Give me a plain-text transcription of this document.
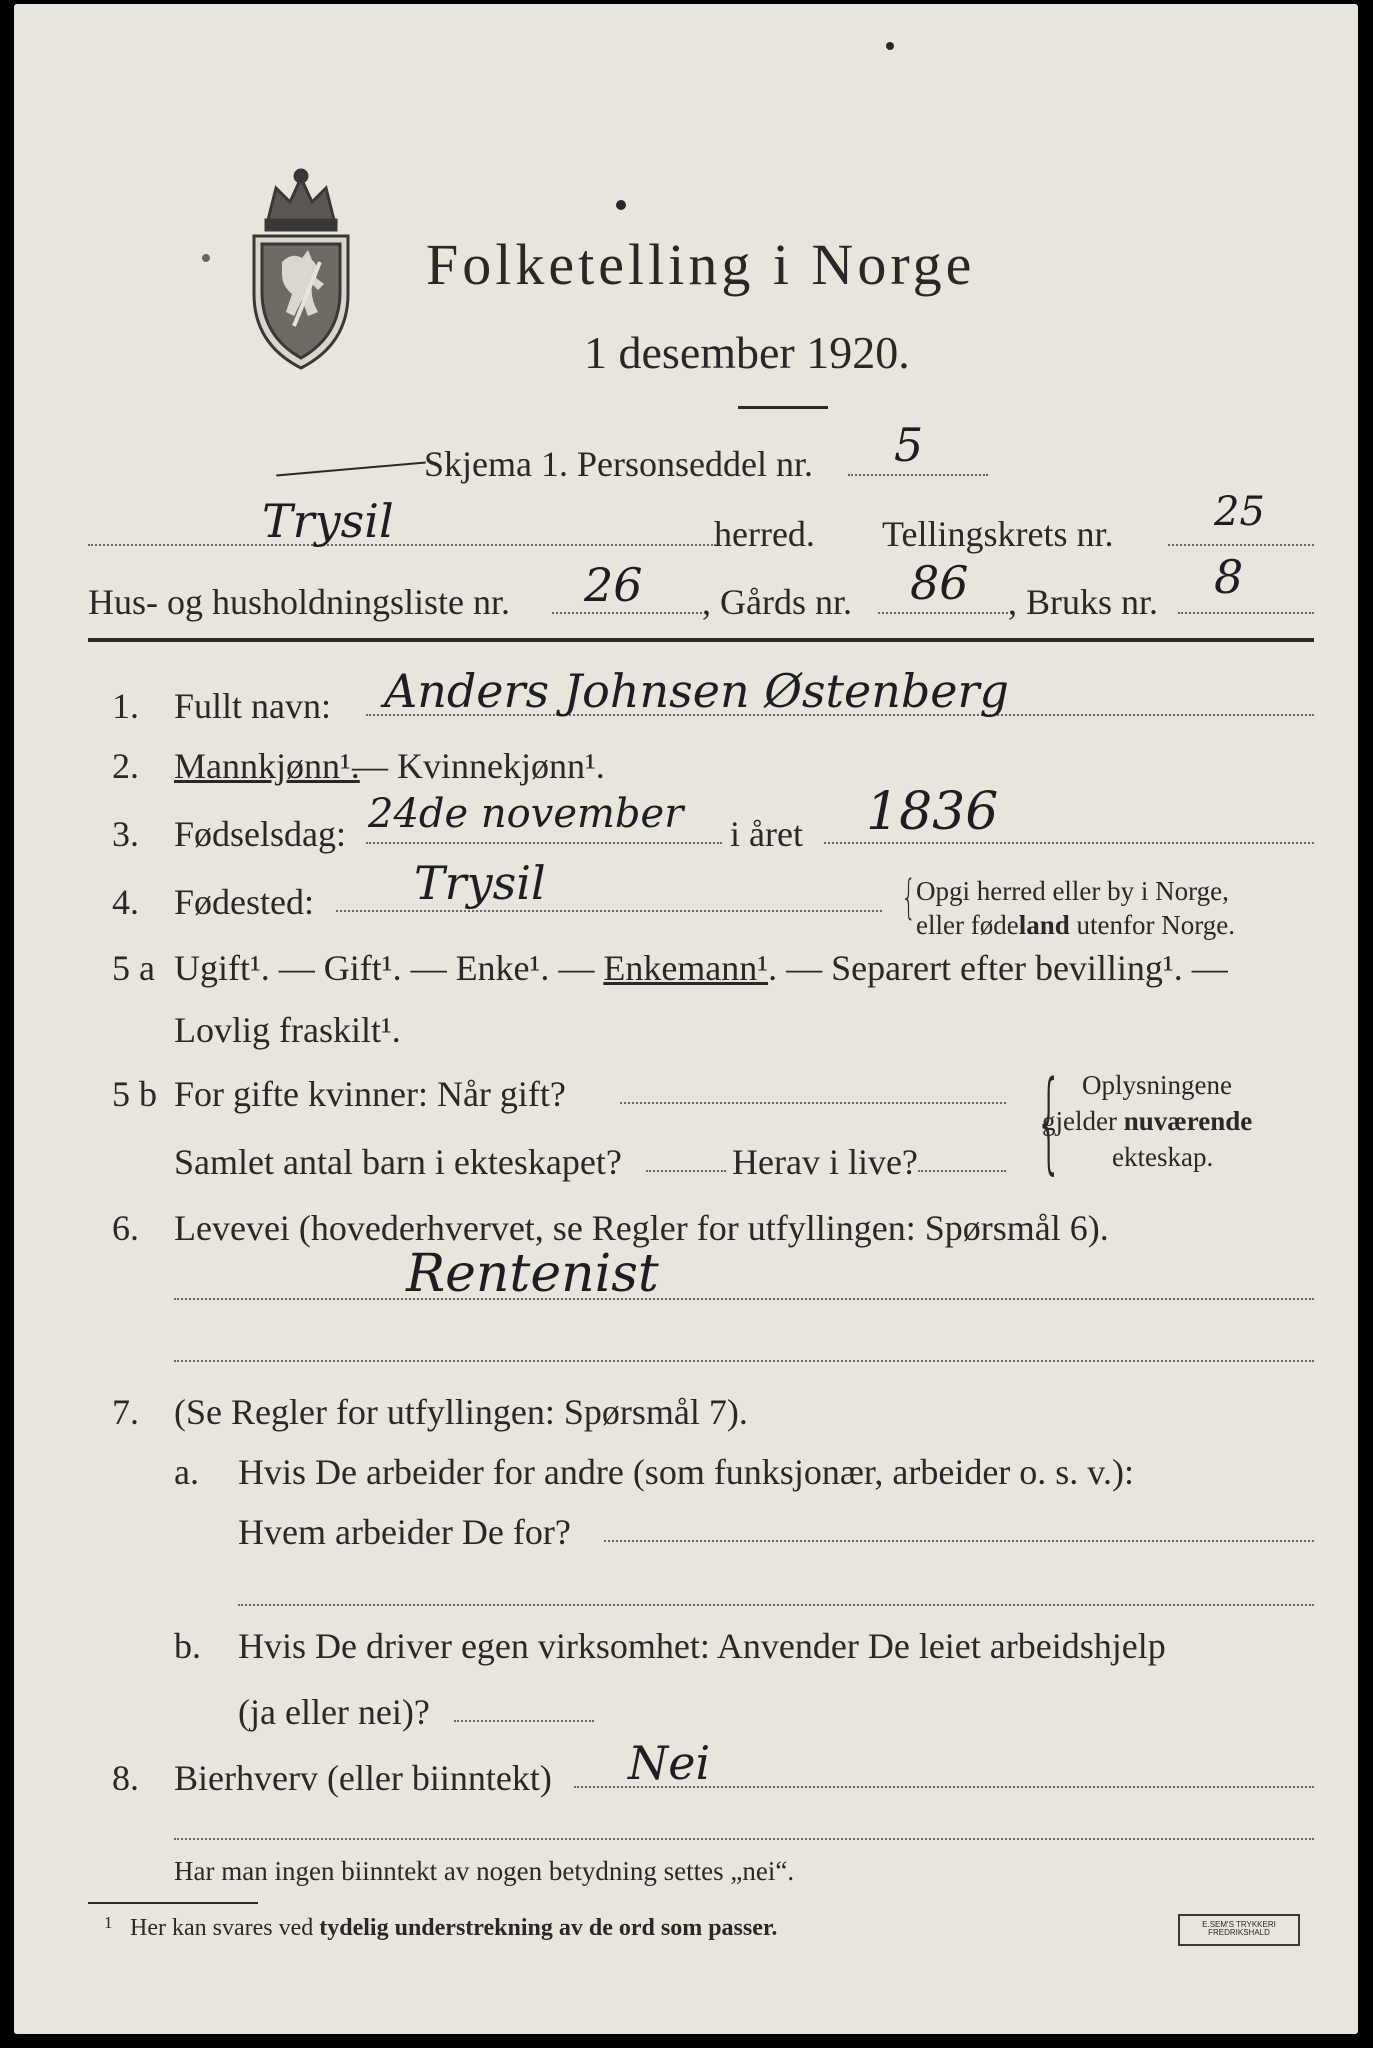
Folketelling i Norge
1 desember 1920.
Skjema 1. Personseddel nr. 5
Trysil	herred. Tellingskrets nr.	25
Hus- og husholdningsliste nr. 26 , Gårds nr. 86 , Bruks nr. 8
1. Fullt navn: Anders Johnsen Østenberg
2. Mannkjønn¹.
— Kvinnekjønn¹.
3. Fødselsdag: 24de november i året 1836
4. Fødested: Trysil	{ Opgi herred eller by i Norge,
eller fødeland utenfor Norge.
5 a Ugift¹. — Gift¹. — Enke¹. — Enkemann¹. — Separert efter bevilling¹. —
Lovlig fraskilt¹.
5 b For gifte kvinner: Når gift?
Samlet antal barn i ekteskapet?	Herav i live? { Oplysningene
gjelder nuværende
ekteskap.
6. Levevei (hovederhvervet, se Regler for utfyllingen: Spørsmål 6).
Rentenist
7. (Se Regler for utfyllingen: Spørsmål 7).
a. Hvis De arbeider for andre (som funksjonær, arbeider o. s. v.):
Hvem arbeider De for?
b. Hvis De driver egen virksomhet: Anvender De leiet arbeidshjelp
(ja eller nei)?
8. Bierhverv (eller biinntekt) Nei
Har man ingen biinntekt av nogen betydning settes „nei“.
1 Her kan svares ved tydelig understrekning av de ord som passer.	E.SEM'S TRYKKERI
FREDRIKSHALD
